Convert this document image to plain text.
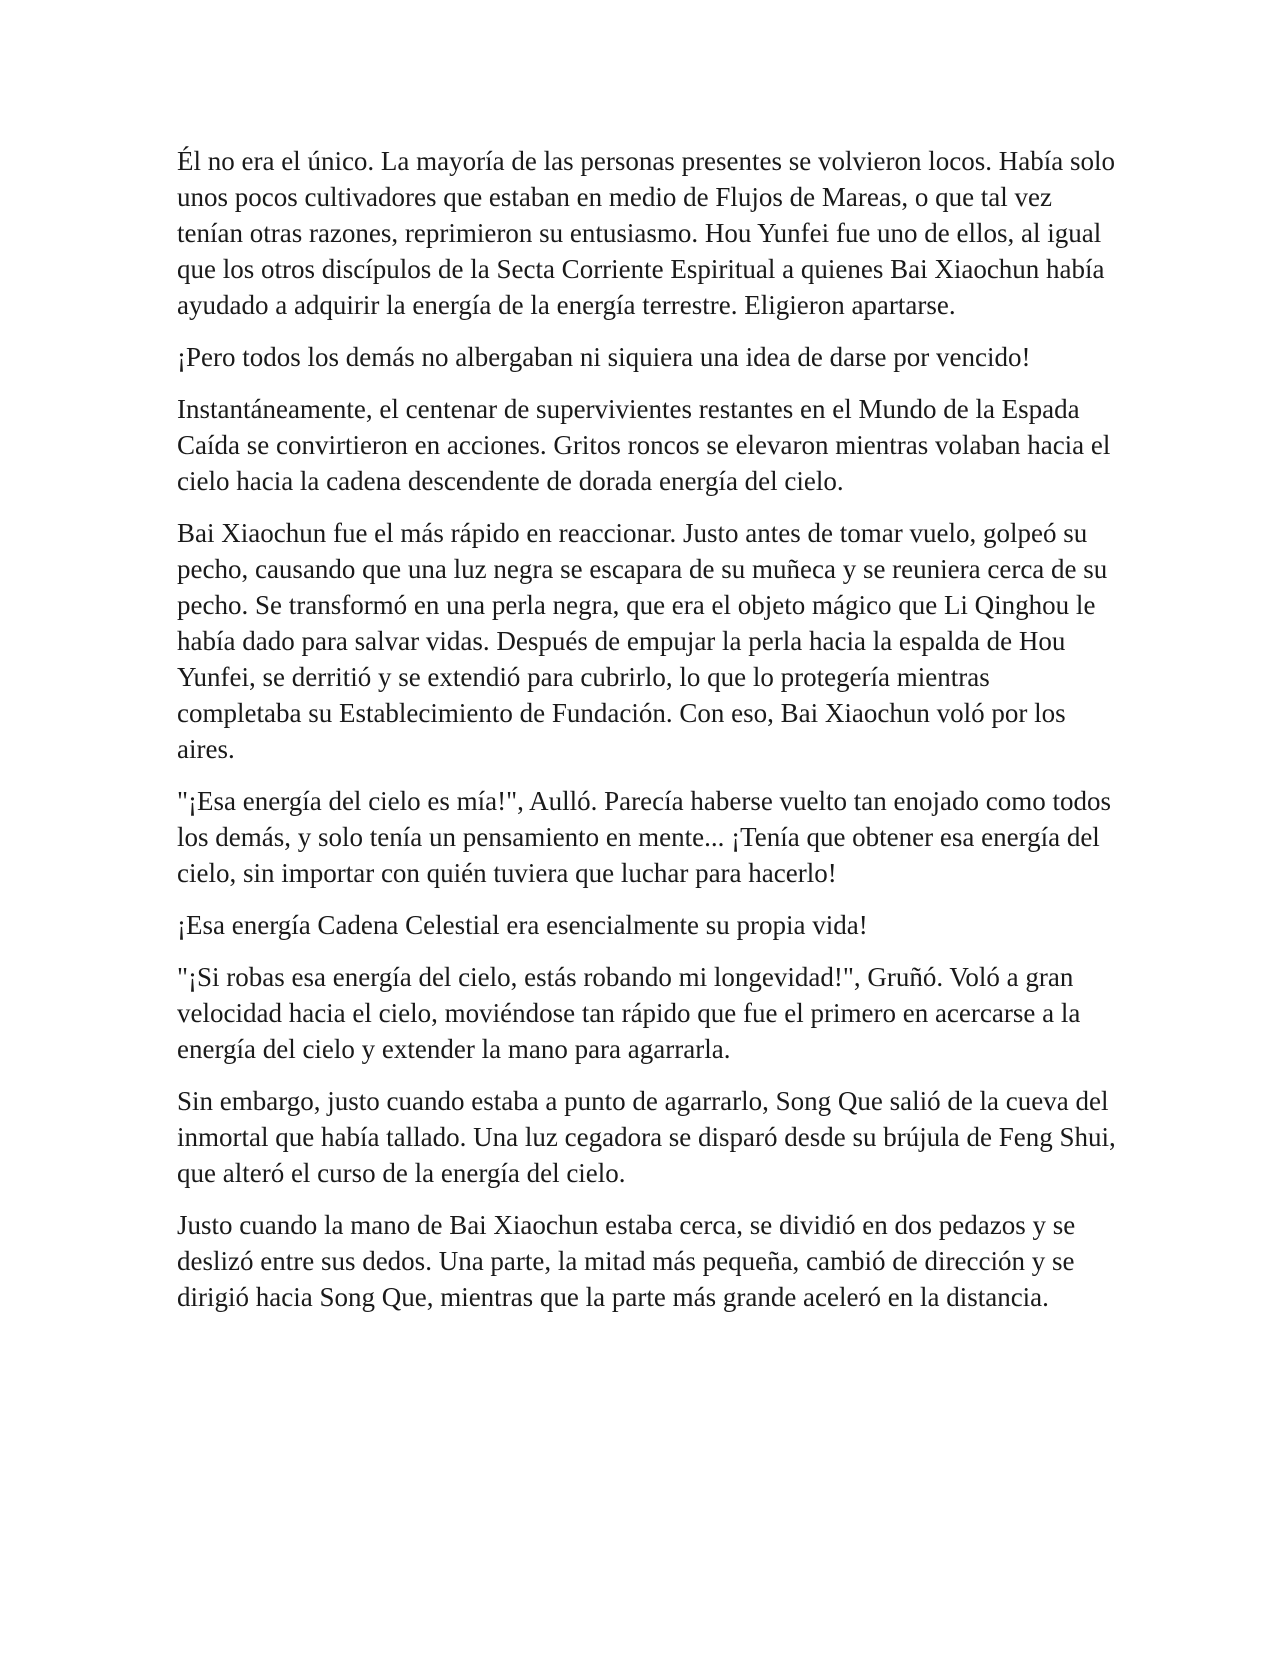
Él no era el único. La mayoría de las personas presentes se volvieron locos. Había solo unos pocos cultivadores que estaban en medio de Flujos de Mareas, o que tal vez tenían otras razones, reprimieron su entusiasmo. Hou Yunfei fue uno de ellos, al igual que los otros discípulos de la Secta Corriente Espiritual a quienes Bai Xiaochun había ayudado a adquirir la energía de la energía terrestre. Eligieron apartarse.

¡Pero todos los demás no albergaban ni siquiera una idea de darse por vencido!

Instantáneamente, el centenar de supervivientes restantes en el Mundo de la Espada Caída se convirtieron en acciones. Gritos roncos se elevaron mientras volaban hacia el cielo hacia la cadena descendente de dorada energía del cielo.

Bai Xiaochun fue el más rápido en reaccionar. Justo antes de tomar vuelo, golpeó su pecho, causando que una luz negra se escapara de su muñeca y se reuniera cerca de su pecho. Se transformó en una perla negra, que era el objeto mágico que Li Qinghou le había dado para salvar vidas. Después de empujar la perla hacia la espalda de Hou Yunfei, se derritió y se extendió para cubrirlo, lo que lo protegería mientras completaba su Establecimiento de Fundación. Con eso, Bai Xiaochun voló por los aires.

"¡Esa energía del cielo es mía!", Aulló. Parecía haberse vuelto tan enojado como todos los demás, y solo tenía un pensamiento en mente... ¡Tenía que obtener esa energía del cielo, sin importar con quién tuviera que luchar para hacerlo!

¡Esa energía Cadena Celestial era esencialmente su propia vida!

"¡Si robas esa energía del cielo, estás robando mi longevidad!", Gruñó. Voló a gran velocidad hacia el cielo, moviéndose tan rápido que fue el primero en acercarse a la energía del cielo y extender la mano para agarrarla.

Sin embargo, justo cuando estaba a punto de agarrarlo, Song Que salió de la cueva del inmortal que había tallado. Una luz cegadora se disparó desde su brújula de Feng Shui, que alteró el curso de la energía del cielo.

Justo cuando la mano de Bai Xiaochun estaba cerca, se dividió en dos pedazos y se deslizó entre sus dedos. Una parte, la mitad más pequeña, cambió de dirección y se dirigió hacia Song Que, mientras que la parte más grande aceleró en la distancia.
